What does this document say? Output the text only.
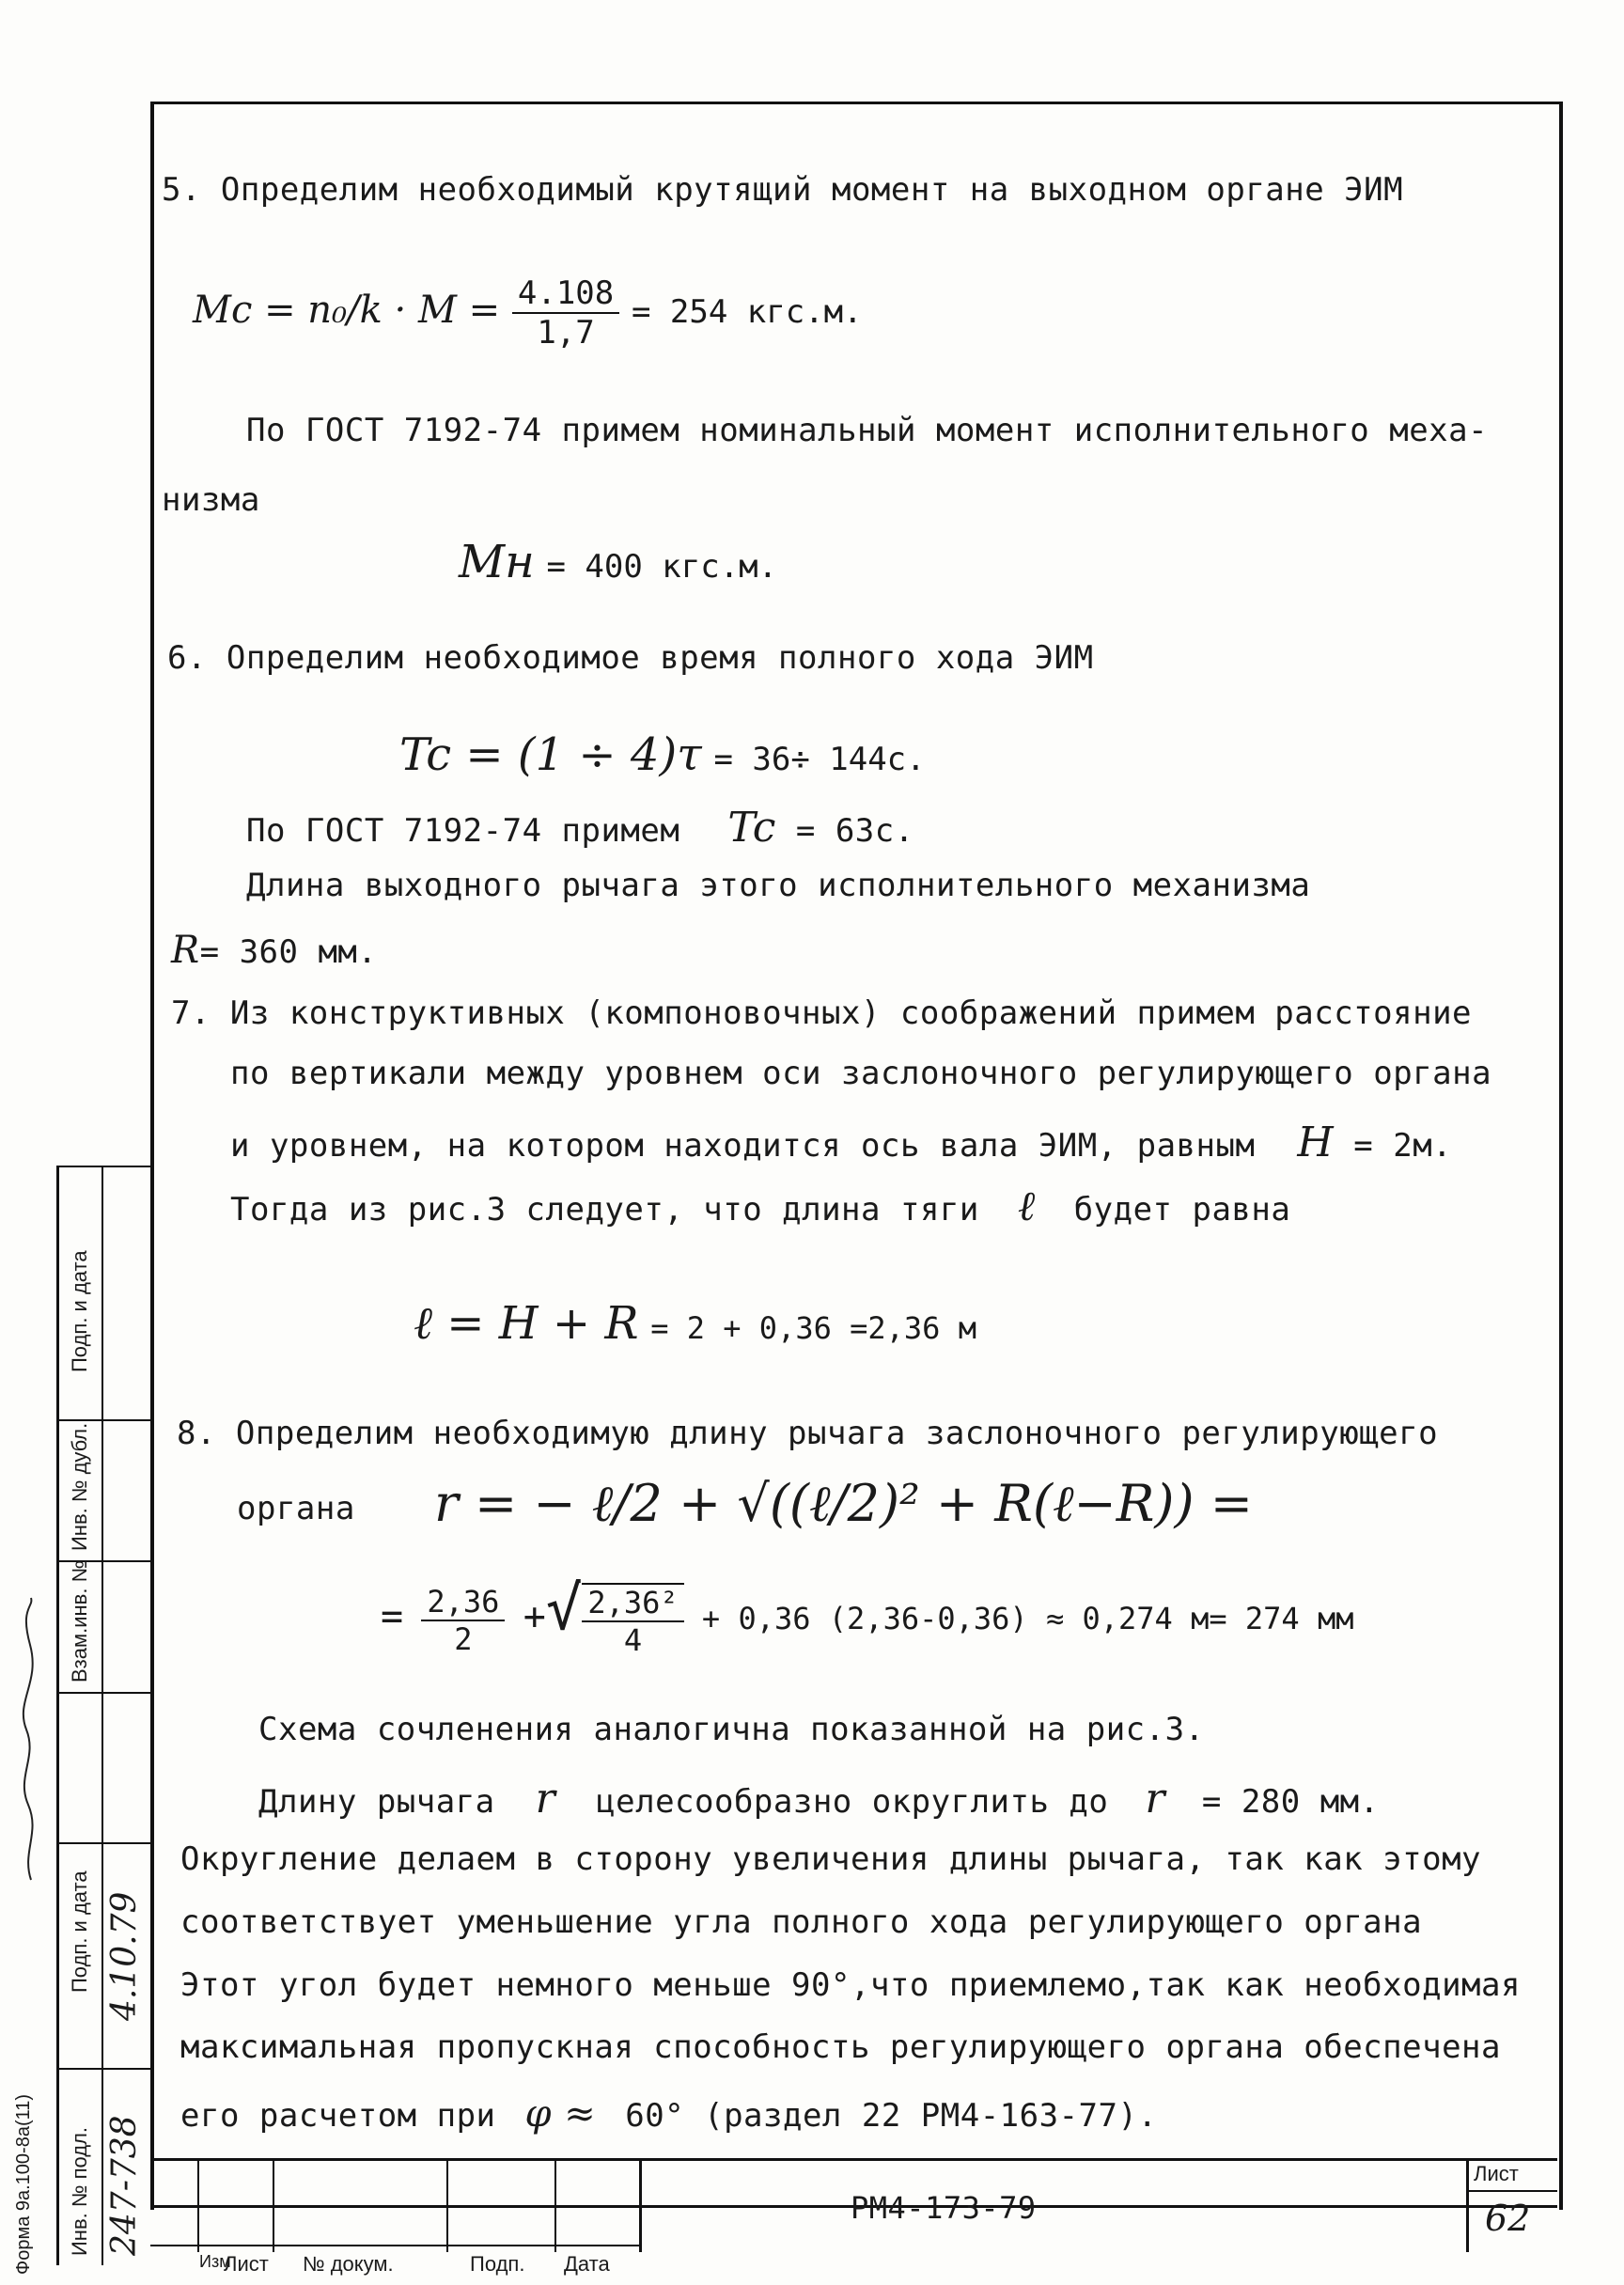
5. Определим необходимый крутящий момент на выходном органе ЭИМ
$Mc = n_0/k \cdot M = \frac{4.108}{1,7} = 254$ кгс.м.
По ГОСТ 7192-74 примем номинальный момент исполнительного меха-
низма
Mн = 400 кгс.м.
6. Определим необходимое время полного хода ЭИМ
Tc = (1 ÷ 4)τ = 36÷ 144с.
По ГОСТ 7192-74 примем Tc = 63с.
Длина выходного рычага этого исполнительного механизма
R= 360 мм.
7. Из конструктивных (компоновочных) соображений примем расстояние
по вертикали между уровнем оси заслоночного регулирующего органа
и уровнем, на котором находится ось вала ЭИМ, равным H = 2м.
Тогда из рис.3 следует, что длина тяги ℓ будет равна
ℓ = H + R = 2 + 0,36 =2,36 м
8. Определим необходимую длину рычага заслоночного регулирующего
органа r = − ℓ/2 + √((ℓ/2)² + R(ℓ−R)) =
= $\frac{2,36}{2}$ +√ $\frac{\text{2,36²}}{4} + 0,36$ (2,36-0,36) ≈ 0,274 м= 274 мм
Схема сочленения аналогична показанной на рис.3.
Длину рычага r целесообразно округлить до r = 280 мм.
Округление делаем в сторону увеличения длины рычага, так как этому
соответствует уменьшение угла полного хода регулирующего органа
Этот угол будет немного меньше 90°,что приемлемо,так как необходимая
максимальная пропускная способность регулирующего органа обеспечена
его расчетом при φ ≈ 60° (раздел 22 РМ4-163-77).
Изм
Лист № докум.	Подп. Дата
РМ4-173-79
Лист
62
Подп. и дата
Инв. № дубл.
Взам.инв. №
Подп. и дата
Инв. № подл. 247-738
4.10.79
Форма 9а.100-8а(11)
